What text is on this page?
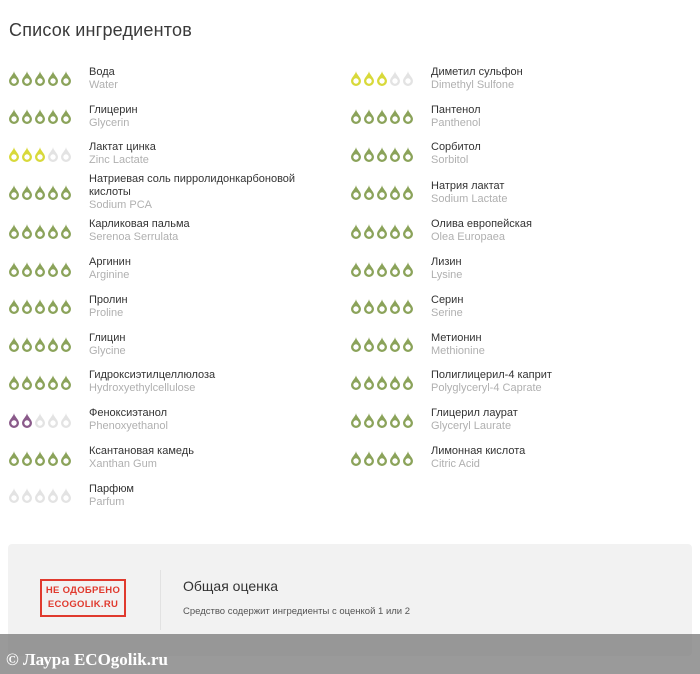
Список ингредиентов
Вода
Water
Диметил сульфон
Dimethyl Sulfone
Глицерин
Glycerin
Пантенол
Panthenol
Лактат цинка
Zinc Lactate
Сорбитол
Sorbitol
Натриевая соль пирролидонкарбоновой кислоты
Sodium PCA
Натрия лактат
Sodium Lactate
Карликовая пальма
Serenoa Serrulata
Олива европейская
Olea Europaea
Аргинин
Arginine
Лизин
Lysine
Пролин
Proline
Серин
Serine
Глицин
Glycine
Метионин
Methionine
Гидроксиэтилцеллюлоза
Hydroxyethylcellulose
Полиглицерил-4 каприт
Polyglyceryl-4 Caprate
Феноксиэтанол
Phenoxyethanol
Глицерил лаурат
Glyceryl Laurate
Ксантановая камедь
Xanthan Gum
Лимонная кислота
Citric Acid
Парфюм
Parfum
НЕ ОДОБРЕНО
ECOGOLIK.RU
Общая оценка
Средство содержит ингредиенты с оценкой 1 или 2
© Лаура ECOgolik.ru
